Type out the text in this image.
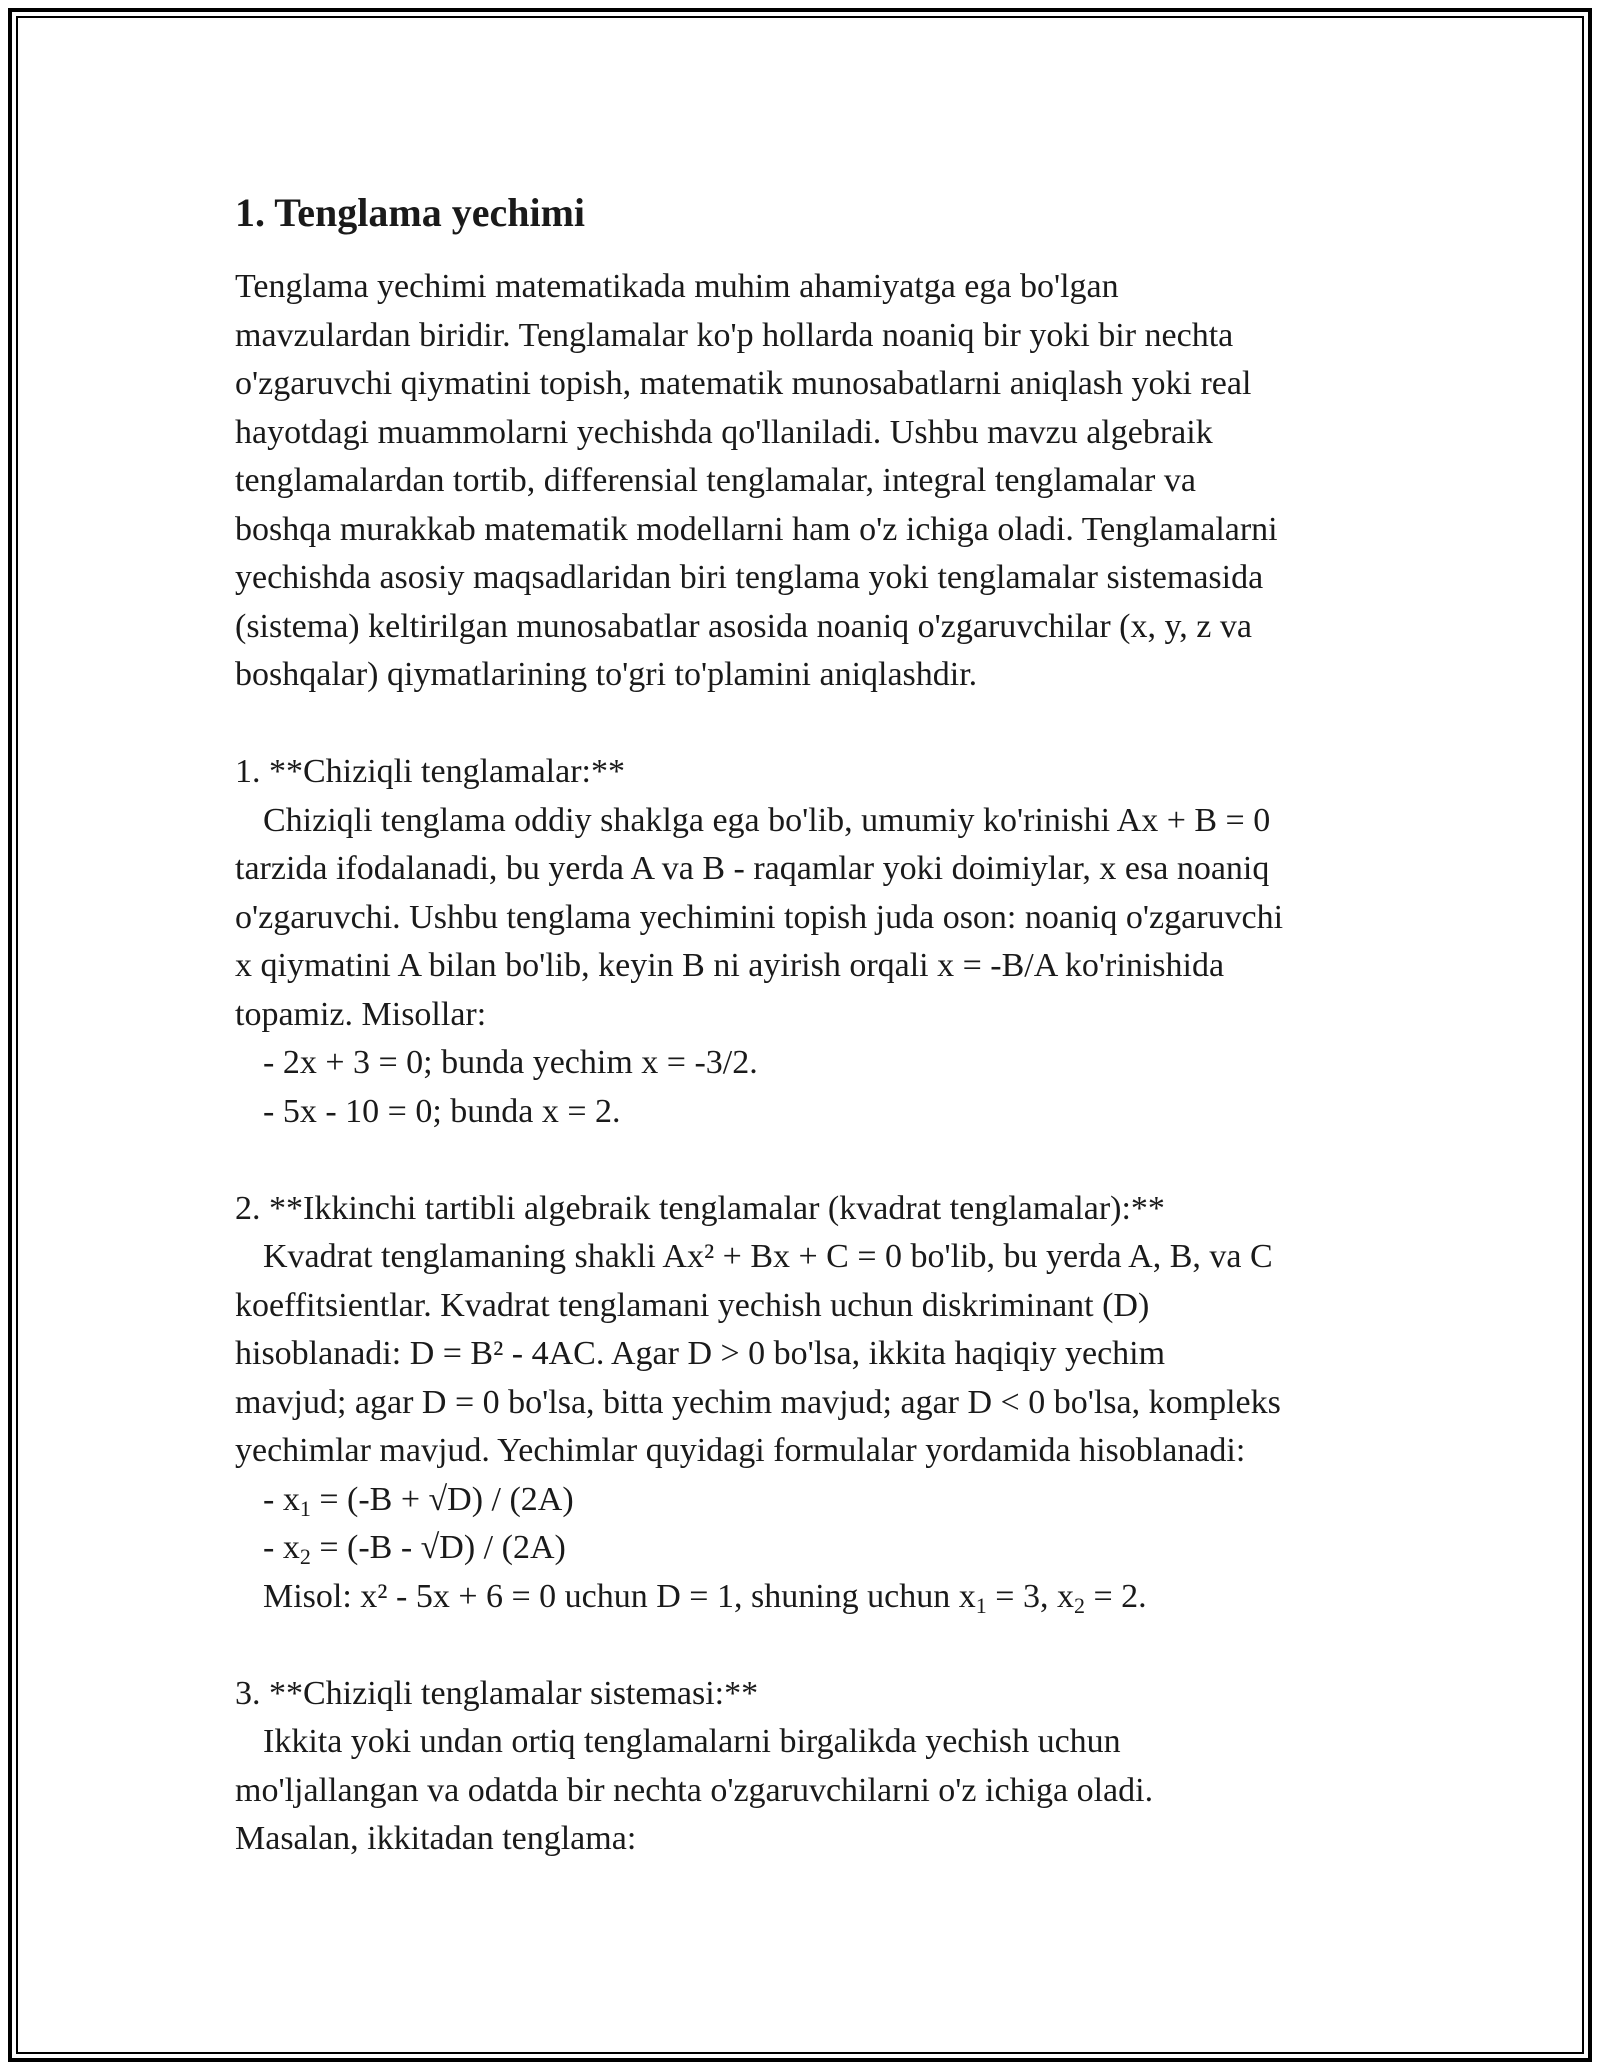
1. Tenglama yechimi
Tenglama yechimi matematikada muhim ahamiyatga ega bo'lgan
mavzulardan biridir. Tenglamalar ko'p hollarda noaniq bir yoki bir nechta
o'zgaruvchi qiymatini topish, matematik munosabatlarni aniqlash yoki real
hayotdagi muammolarni yechishda qo'llaniladi. Ushbu mavzu algebraik
tenglamalardan tortib, differensial tenglamalar, integral tenglamalar va
boshqa murakkab matematik modellarni ham o'z ichiga oladi. Tenglamalarni
yechishda asosiy maqsadlaridan biri tenglama yoki tenglamalar sistemasida
(sistema) keltirilgan munosabatlar asosida noaniq o'zgaruvchilar (x, y, z va
boshqalar) qiymatlarining to'gri to'plamini aniqlashdir.
1. **Chiziqli tenglamalar:**
Chiziqli tenglama oddiy shaklga ega bo'lib, umumiy ko'rinishi Ax + B = 0
tarzida ifodalanadi, bu yerda A va B - raqamlar yoki doimiylar, x esa noaniq
o'zgaruvchi. Ushbu tenglama yechimini topish juda oson: noaniq o'zgaruvchi
x qiymatini A bilan bo'lib, keyin B ni ayirish orqali x = -B/A ko'rinishida
topamiz. Misollar:
- 2x + 3 = 0; bunda yechim x = -3/2.
- 5x - 10 = 0; bunda x = 2.
2. **Ikkinchi tartibli algebraik tenglamalar (kvadrat tenglamalar):**
Kvadrat tenglamaning shakli Ax² + Bx + C = 0 bo'lib, bu yerda A, B, va C
koeffitsientlar. Kvadrat tenglamani yechish uchun diskriminant (D)
hisoblanadi: D = B² - 4AC. Agar D > 0 bo'lsa, ikkita haqiqiy yechim
mavjud; agar D = 0 bo'lsa, bitta yechim mavjud; agar D < 0 bo'lsa, kompleks
yechimlar mavjud. Yechimlar quyidagi formulalar yordamida hisoblanadi:
- $x_1 = (-B + √D) / (2A)$
- $x_2 = (-B - √D) / (2A)$
Misol: x² - 5x + 6 = 0 uchun D = 1, shuning uchun $x_1 = 3$, $x_2 = 2$.
3. **Chiziqli tenglamalar sistemasi:**
Ikkita yoki undan ortiq tenglamalarni birgalikda yechish uchun
mo'ljallangan va odatda bir nechta o'zgaruvchilarni o'z ichiga oladi.
Masalan, ikkitadan tenglama:
